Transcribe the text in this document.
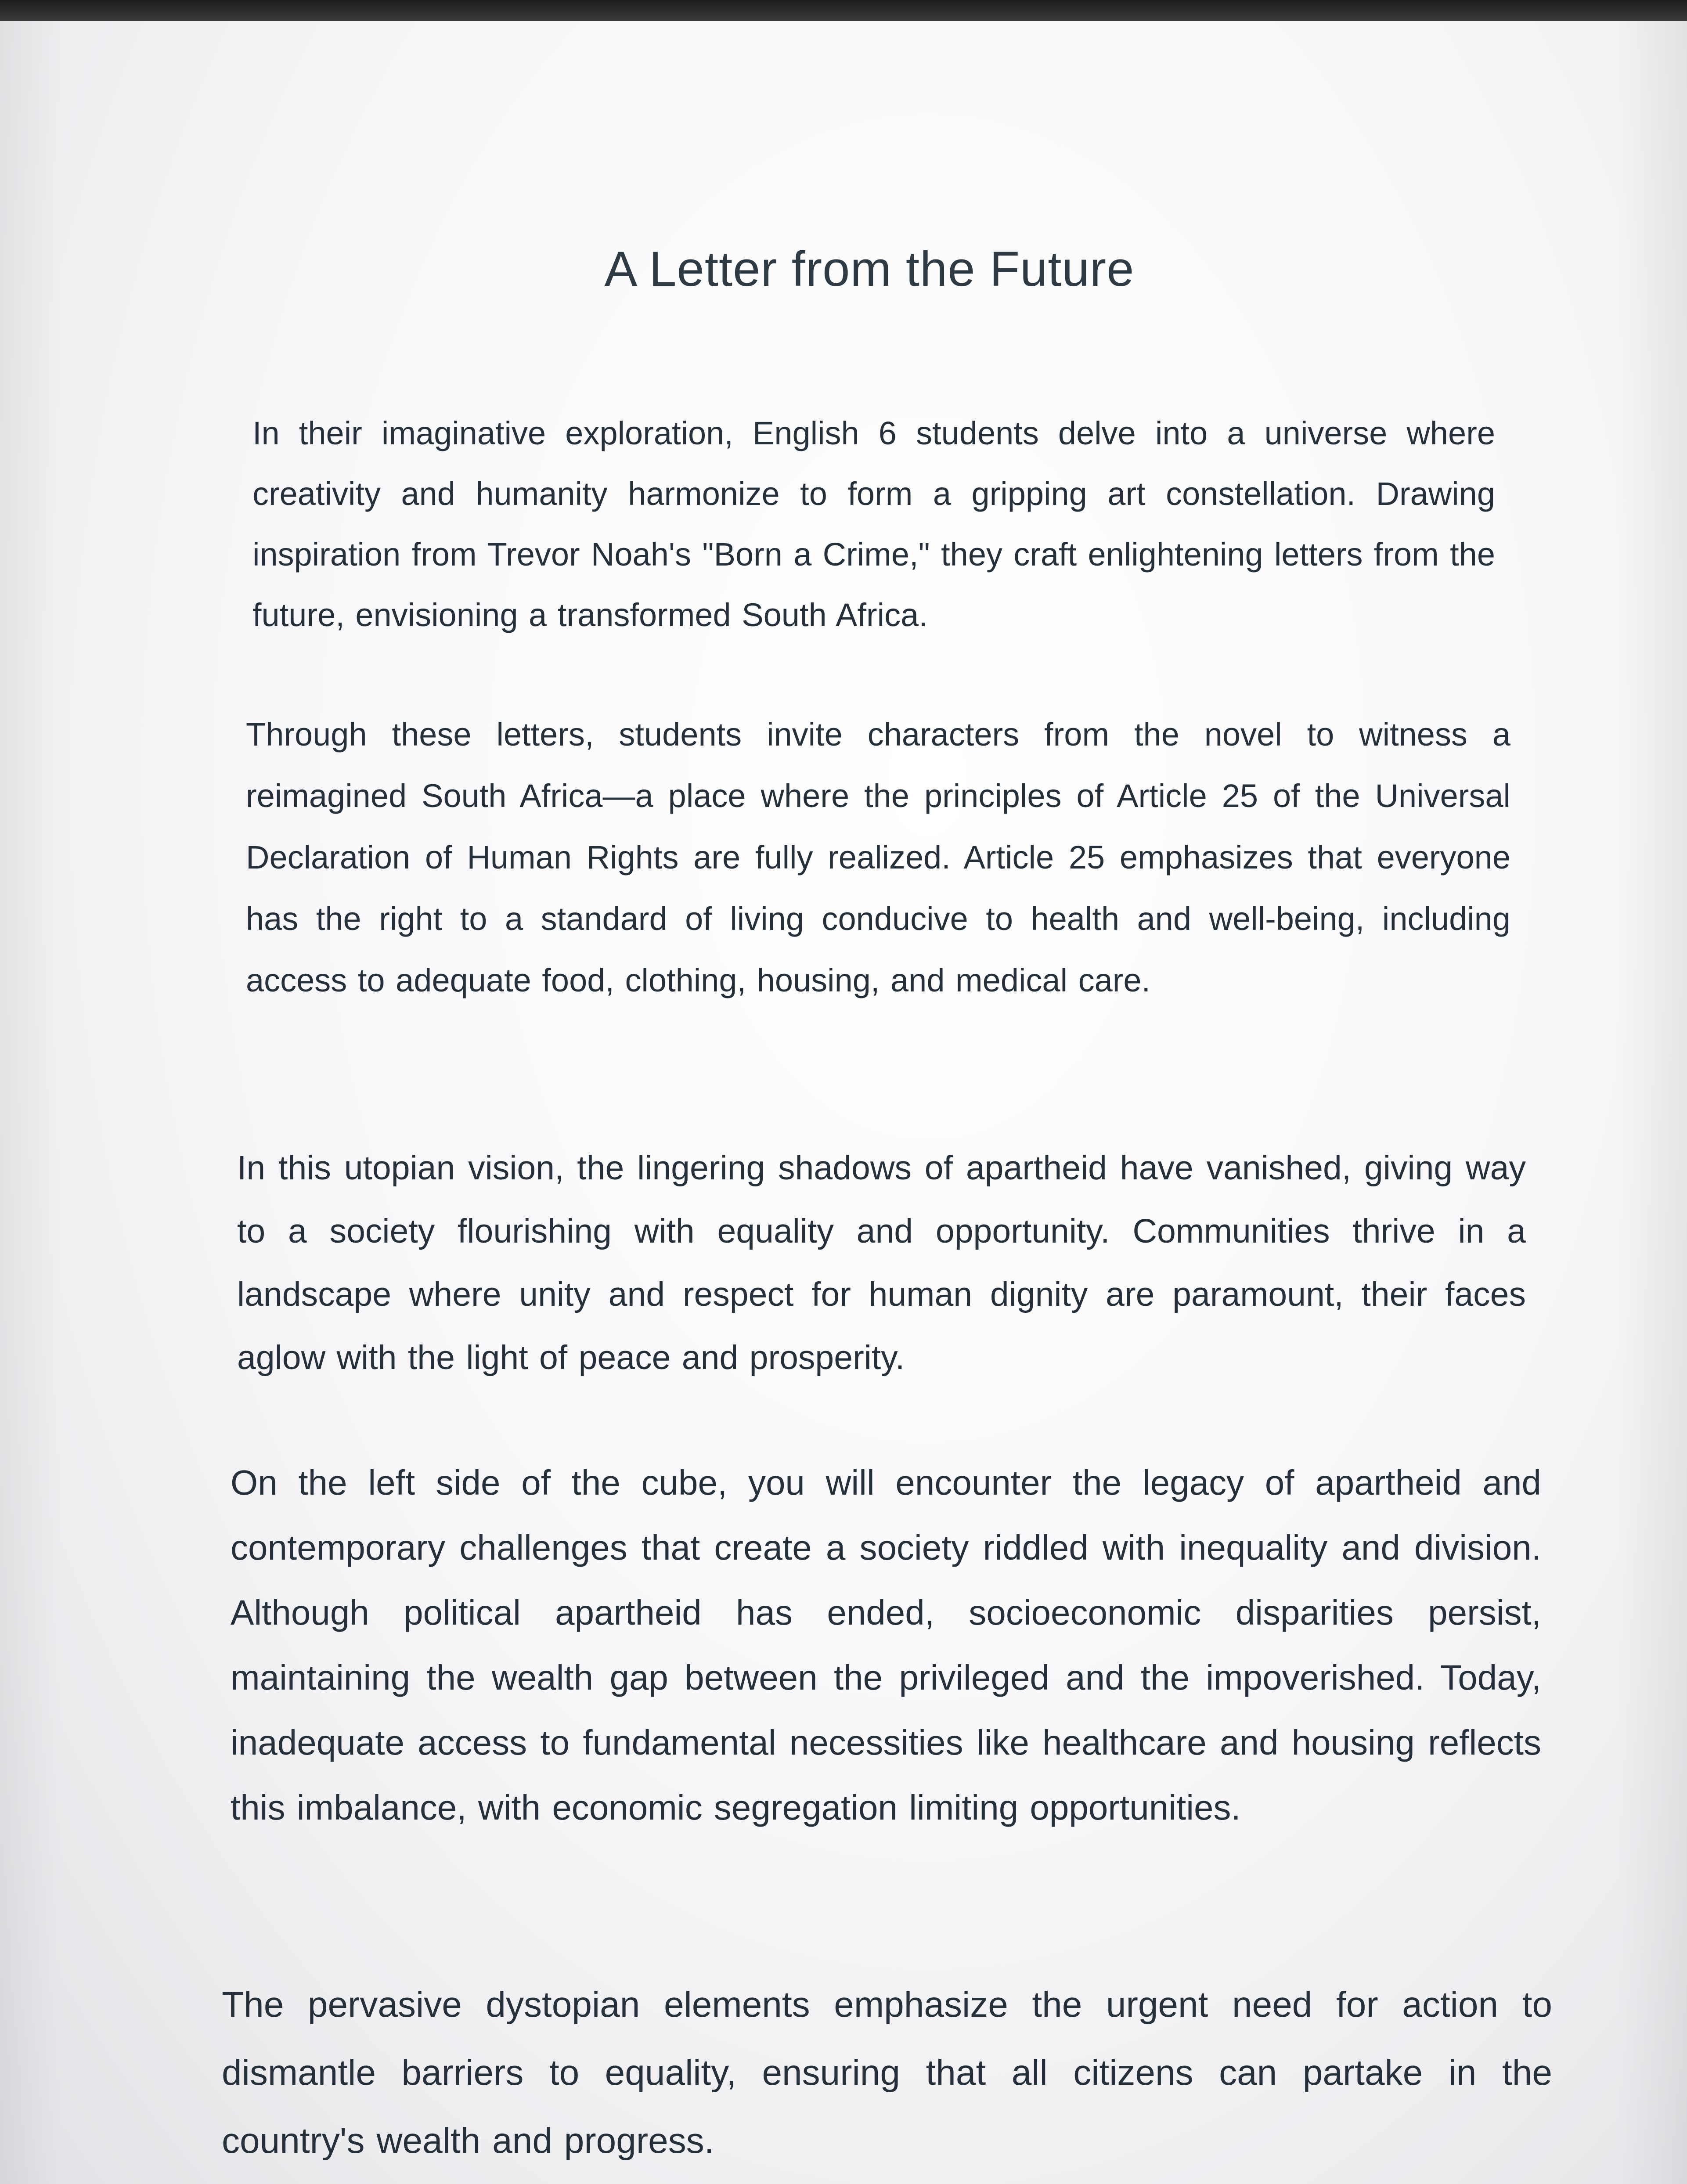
A Letter from the Future

In their imaginative exploration, English 6 students delve into a universe where creativity and humanity harmonize to form a gripping art constellation. Drawing inspiration from Trevor Noah's "Born a Crime," they craft enlightening letters from the future, envisioning a transformed South Africa.

Through these letters, students invite characters from the novel to witness a reimagined South Africa—a place where the principles of Article 25 of the Universal Declaration of Human Rights are fully realized. Article 25 emphasizes that everyone has the right to a standard of living conducive to health and well-being, including access to adequate food, clothing, housing, and medical care.

In this utopian vision, the lingering shadows of apartheid have vanished, giving way to a society flourishing with equality and opportunity. Communities thrive in a landscape where unity and respect for human dignity are paramount, their faces aglow with the light of peace and prosperity.

On the left side of the cube, you will encounter the legacy of apartheid and contemporary challenges that create a society riddled with inequality and division. Although political apartheid has ended, socioeconomic disparities persist, maintaining the wealth gap between the privileged and the impoverished. Today, inadequate access to fundamental necessities like healthcare and housing reflects this imbalance, with economic segregation limiting opportunities.

The pervasive dystopian elements emphasize the urgent need for action to dismantle barriers to equality, ensuring that all citizens can partake in the country's wealth and progress.
